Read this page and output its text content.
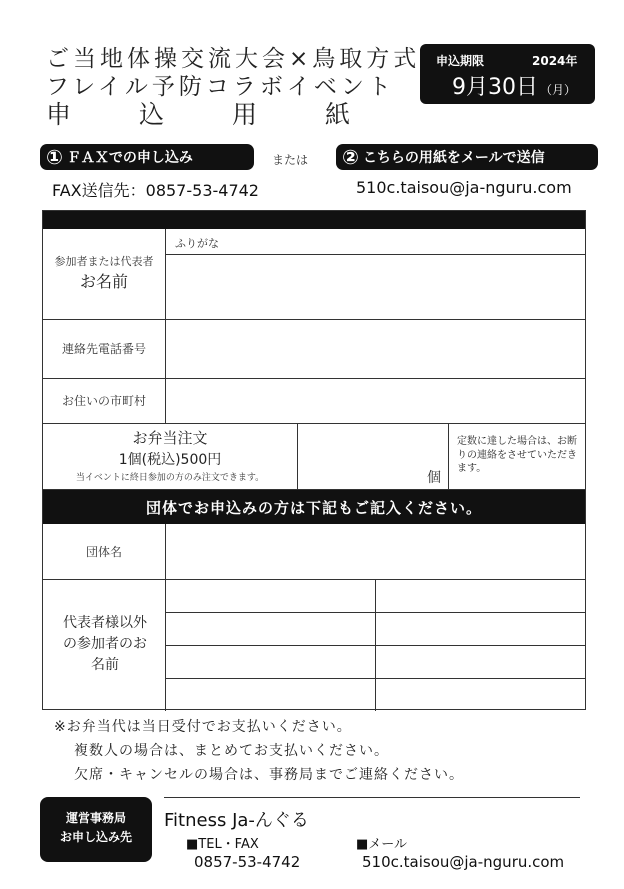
ご当地体操交流大会×鳥取方式
フレイル予防コラボイベント
申　　込　　用　　紙
申込期限	2024年
9月30日 （月）
① ＦＡＸでの申し込み	または ② こちらの用紙をメールで送信
FAX送信先：0857-53-4742	510c.taisou@ja-nguru.com
ふりがな
参加者または代表者
お名前
連絡先電話番号
お住いの市町村
お弁当注文
1個(税込)500円
当イベントに終日参加の方のみ注文できます。	個
定数に達した場合は、お断りの連絡をさせていただきます。
団体でお申込みの方は下記もご記入ください。
団体名
代表者様以外の参加者のお名前
※お弁当代は当日受付でお支払いください。
複数人の場合は、まとめてお支払いください。
欠席・キャンセルの場合は、事務局までご連絡ください。
運営事務局
お申し込み先
Fitness Ja-んぐる
■TEL・FAX
0857-53-4742
■メール
510c.taisou@ja-nguru.com
